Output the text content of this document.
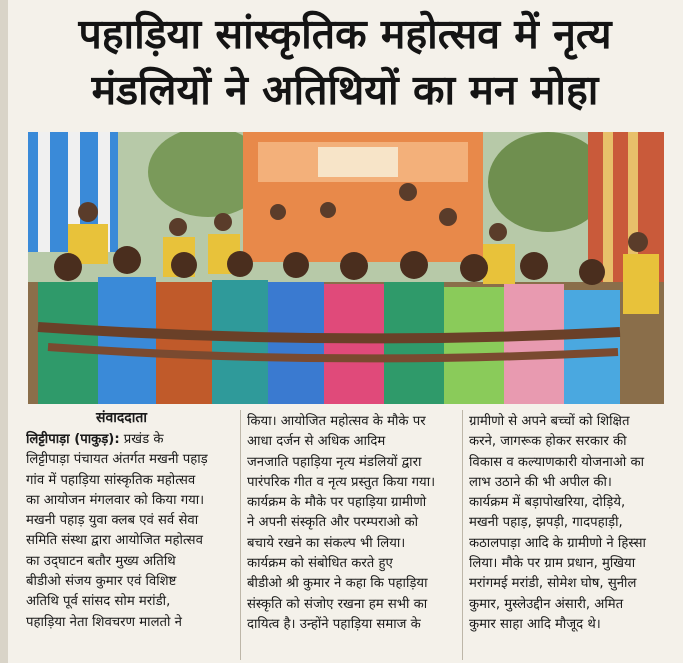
पहाड़िया सांस्कृतिक महोत्सव में नृत्य
मंडलियों ने अतिथियों का मन मोहा
संवाददाता
लिट्टीपाड़ा (पाकुड़): प्रखंड के
लिट्टीपाड़ा पंचायत अंतर्गत मखनी पहाड़
गांव में पहाड़िया सांस्कृतिक महोत्सव
का आयोजन मंगलवार को किया गया।
मखनी पहाड़ युवा क्लब एवं सर्व सेवा
समिति संस्था द्वारा आयोजित महोत्सव
का उद्‌घाटन बतौर मुख्य अतिथि
बीडीओ संजय कुमार एवं विशिष्ट
अतिथि पूर्व सांसद सोम मरांडी,
पहाड़िया नेता शिवचरण मालतो ने
किया। आयोजित महोत्सव के मौके पर
आधा दर्जन से अधिक आदिम
जनजाति पहाड़िया नृत्य मंडलियों द्वारा
पारंपरिक गीत व नृत्य प्रस्तुत किया गया।
कार्यक्रम के मौके पर पहाड़िया ग्रामीणो
ने अपनी संस्कृति और परम्पराओ को
बचाये रखने का संकल्प भी लिया।
कार्यक्रम को संबोधित करते हुए
बीडीओ श्री कुमार ने कहा कि पहाड़िया
संस्कृति को संजोए रखना हम सभी का
दायित्व है। उन्होंने पहाड़िया समाज के
ग्रामीणो से अपने बच्चों को शिक्षित
करने, जागरूक होकर सरकार की
विकास व कल्याणकारी योजनाओ का
लाभ उठाने की भी अपील की।
कार्यक्रम में बड़ापोखरिया, दोड़िये,
मखनी पहाड़, झपड़ी, गादपहाड़ी,
कठालपाड़ा आदि के ग्रामीणो ने हिस्सा
लिया। मौके पर ग्राम प्रधान, मुखिया
मरांगमई मरांडी, सोमेश घोष, सुनील
कुमार, मुस्लेउद्दीन अंसारी, अमित
कुमार साहा आदि मौजूद थे।
